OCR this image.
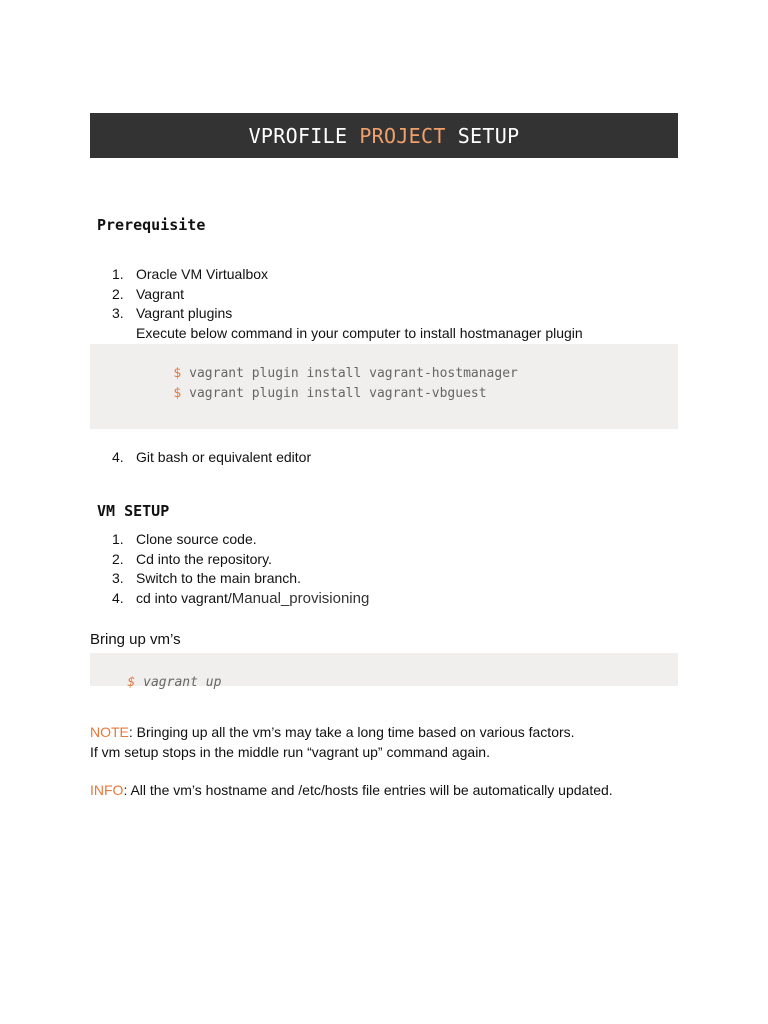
VPROFILE PROJECT SETUP
Prerequisite
1. Oracle VM Virtualbox
2. Vagrant
3. Vagrant plugins
Execute below command in your computer to install hostmanager plugin

$ vagrant plugin install vagrant-hostmanager

$ vagrant plugin install vagrant-vbguest

4. Git bash or equivalent editor
VM SETUP
1. Clone source code.
2. Cd into the repository.
3. Switch to the main branch.
4. cd into vagrant/Manual_provisioning
Bring up vm’s

$ vagrant up

NOTE: Bringing up all the vm’s may take a long time based on various factors.
If vm setup stops in the middle run “vagrant up” command again.
INFO: All the vm’s hostname and /etc/hosts file entries will be automatically updated.
